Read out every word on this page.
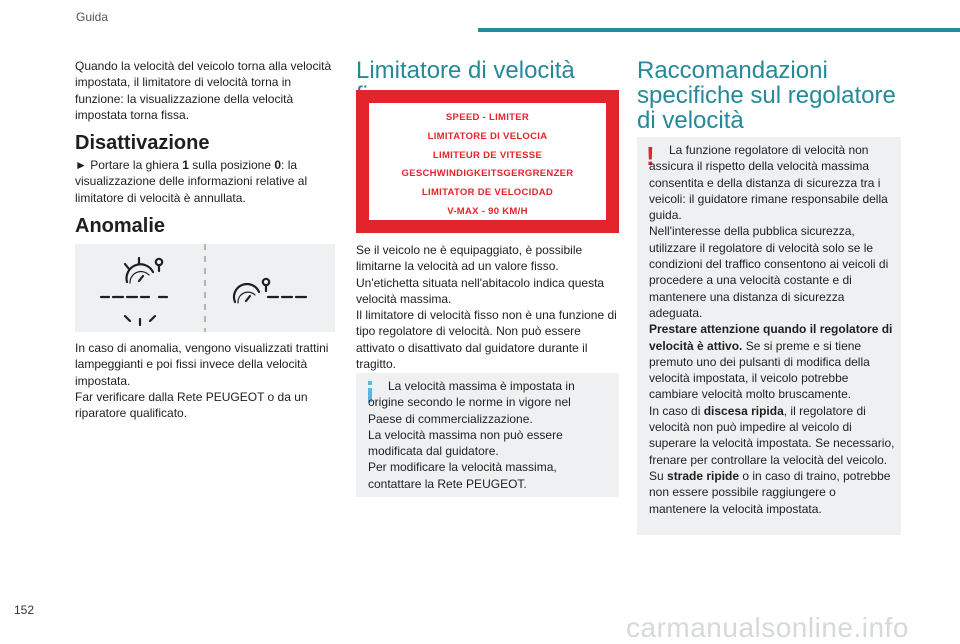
Guida

Quando la velocità del veicolo torna alla velocità impostata, il limitatore di velocità torna in funzione: la visualizzazione della velocità impostata torna fissa.

Disattivazione

► Portare la ghiera 1 sulla posizione 0: la visualizzazione delle informazioni relative al limitatore di velocità è annullata.

Anomalie

In caso di anomalia, vengono visualizzati trattini lampeggianti e poi fissi invece della velocità impostata.

Far verificare dalla Rete PEUGEOT o da un riparatore qualificato.

Limitatore di velocità
SPEED - LIMITER
LIMITATORE DI VELOCIA
LIMITEUR DE VITESSE
GESCHWINDIGKEITSGERGRENZER
LIMITATOR DE VELOCIDAD
V-MAX - 90 KM/H

Se il veicolo ne è equipaggiato, è possibile limitarne la velocità ad un valore fisso.

Un'etichetta situata nell'abitacolo indica questa velocità massima.

Il limitatore di velocità fisso non è una funzione di tipo regolatore di velocità. Non può essere attivato o disattivato dal guidatore durante il tragitto.

La velocità massima è impostata in origine secondo le norme in vigore nel Paese di commercializzazione.

La velocità massima non può essere modificata dal guidatore.

Per modificare la velocità massima, contattare la Rete PEUGEOT.

Raccomandazioni specifiche sul regolatore di velocità
!	La funzione regolatore di velocità non assicura il rispetto della velocità massima consentita e della distanza di sicurezza tra i veicoli: il guidatore rimane responsabile della guida.

Nell'interesse della pubblica sicurezza, utilizzare il regolatore di velocità solo se le condizioni del traffico consentono ai veicoli di procedere a una velocità costante e di mantenere una distanza di sicurezza adeguata.

Prestare attenzione quando il regolatore di velocità è attivo. Se si preme e si tiene premuto uno dei pulsanti di modifica della velocità impostata, il veicolo potrebbe cambiare velocità molto bruscamente.

In caso di discesa ripida, il regolatore di velocità non può impedire al veicolo di superare la velocità impostata. Se necessario, frenare per controllare la velocità del veicolo.

Su strade ripide o in caso di traino, potrebbe non essere possibile raggiungere o mantenere la velocità impostata.

152
carmanualsonline.info
